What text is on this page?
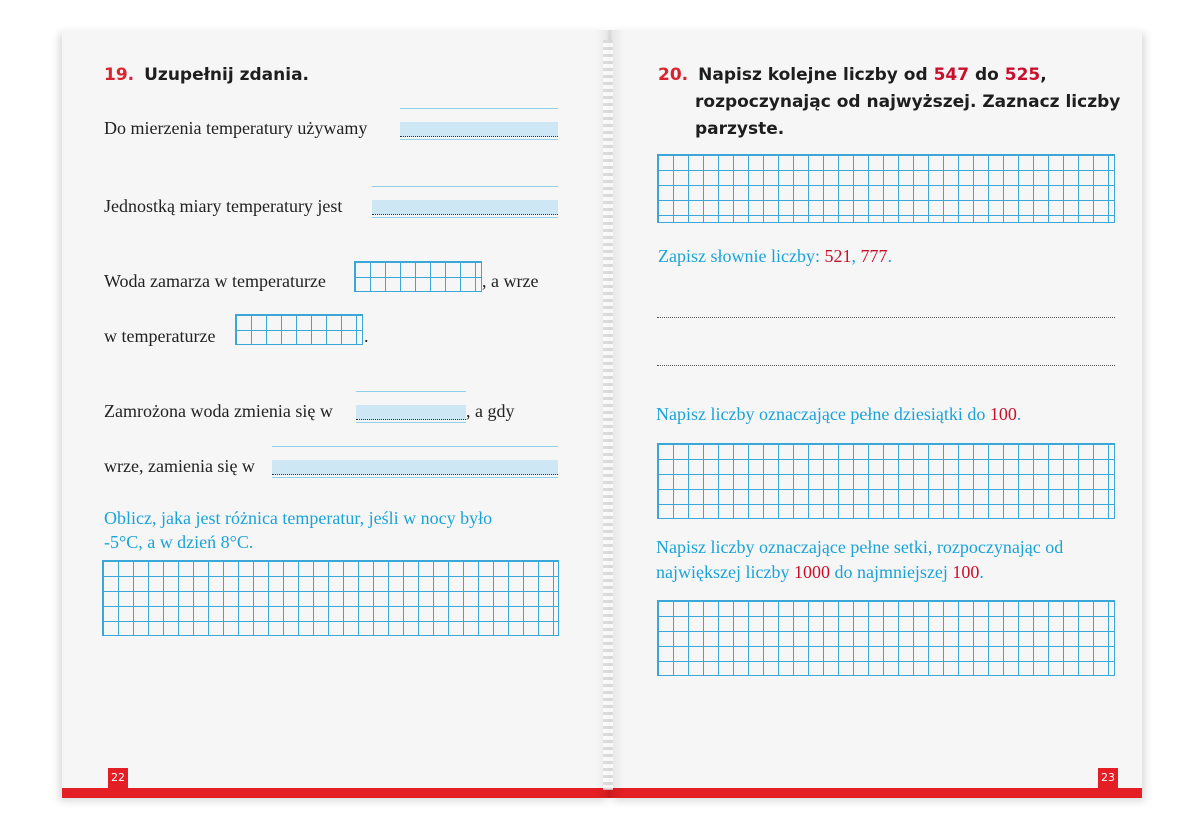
22
19. Uzupełnij zdania.
Do mierzenia temperatury używamy
Jednostką miary temperatury jest
Woda zamarza w temperaturze	, a wrze
w temperaturze	.
Zamrożona woda zmienia się w	, a gdy
wrze, zamienia się w
Oblicz, jaka jest różnica temperatur, jeśli w nocy było
-5°C, a w dzień 8°C.
23
20. Napisz kolejne liczby od 547 do 525,
rozpoczynając od najwyższej. Zaznacz liczby
parzyste.
Zapisz słownie liczby: 521, 777.
Napisz liczby oznaczające pełne dziesiątki do 100.
Napisz liczby oznaczające pełne setki, rozpoczynając od
największej liczby 1000 do najmniejszej 100.
